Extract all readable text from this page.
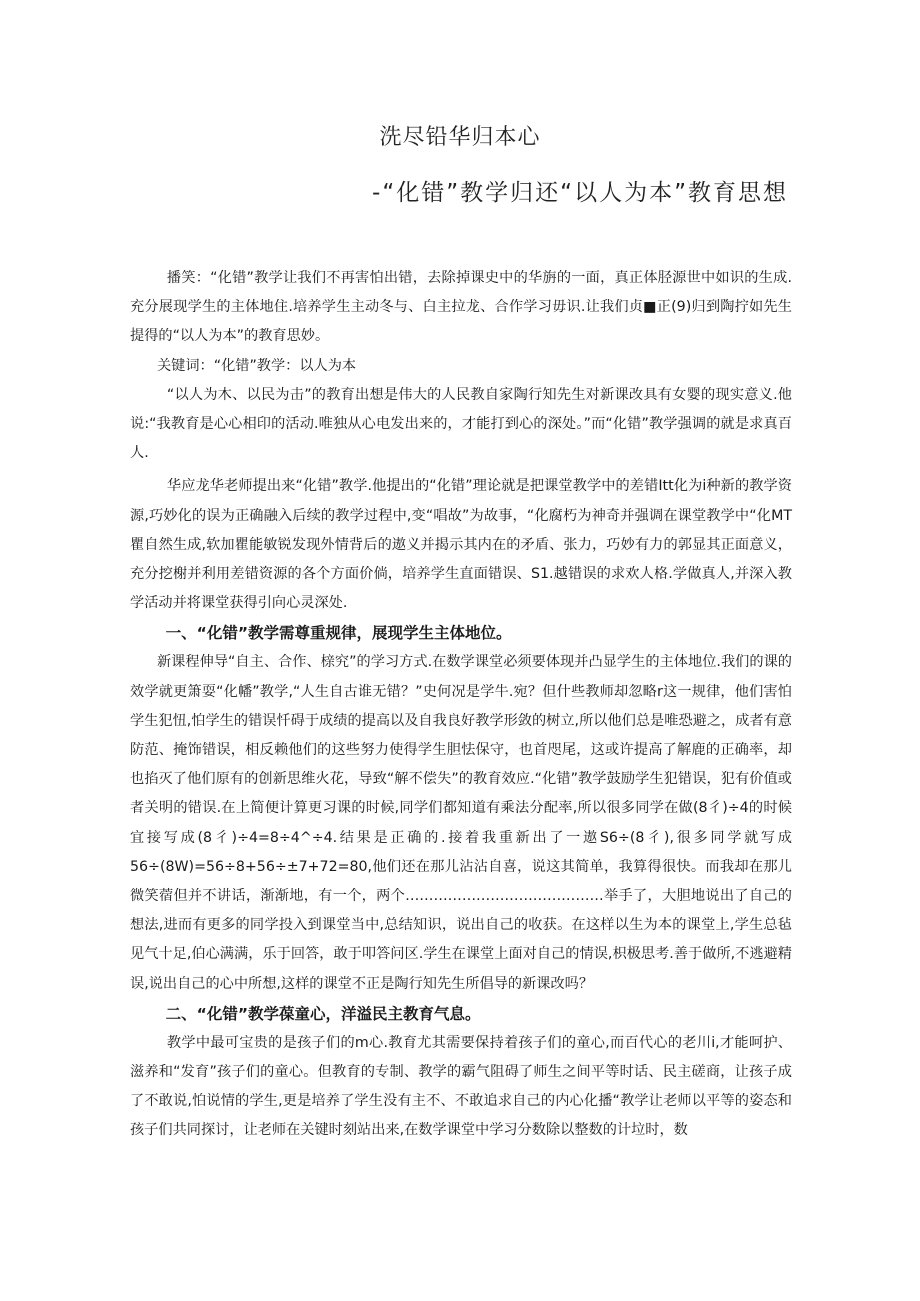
洗尽铅华归本心
-“化错”教学归还“以人为本”教育思想

播笑：“化错”教学让我们不再害怕出错，去除掉课史中的华旃的一面，真正体胫源世中如识的生成.充分展现学生的主体地住.培养学生主动冬与、白主拉龙、合作学习毋识.让我们贞■正(9)归到陶拧如先生提得的“以人为本”的教育思妙。

关键词：“化错”教学：以人为本

“以人为木、以民为击”的教育出想是伟大的人民教自家陶行知先生对新课改具有女婴的现实意义.他说:“我教育是心心相印的活动.唯独从心电发出来的，才能打到心的深处。”而“化错”教学强调的就是求真百人.

华应龙华老师提出来“化错”教学.他提出的“化错”理论就是把课堂教学中的差错Itt化为i种新的教学资源,巧妙化的误为正确融入后续的教学过程中,变“唱故”为故事，“化腐朽为神奇并强调在课堂教学中“化MT瞿自然生成,软加瞿能敏锐发现外情背后的遨义并揭示其内在的矛盾、张力，巧妙有力的郭显其正面意义，充分挖榭并利用差错资源的各个方面价倘，培养学生直面错误、S1.越错误的求欢人格.学做真人,并深入教学活动并将课堂获得引向心灵深处.

一、“化错”教学需尊重规律，展现学生主体地位。

新课程伸导“自主、合作、榇究”的学习方式.在数学课堂必须要体现并凸显学生的主体地位.我们的课的效学就更箫耍“化幡”教学,“人生自古谁无错？”史何况是学牛.宛？但什些教师却忽略r这一规律，他们害怕学生犯忸,怕学生的错误忏碍于成绩的提高以及自我良好教学形敛的树立,所以他们总是唯恐避之，成者有意防范、掩饰错误，相反赖他们的这些努力使得学生胆怯保守，也首咫尾，这或许提高了解鹿的正确率，却也掐灭了他们原有的创新思维火花，导致“解不偿失”的教育效应.“化错”教学鼓励学生犯错误，犯有价值或者关明的错误.在上简便计算更习课的时候,同学们都知道有乘法分配率,所以很多同学在做(8彳)÷4的时候宜接写成(8彳)÷4=8÷4^÷4.结果是正确的.接着我重新出了一遨S6÷(8彳),很多同学就写成56÷(8W)=56÷8+56÷±7+72=80,他们还在那儿沾沾自喜，说这其简单，我算得很快。而我却在那儿微笑蓿但并不讲话，渐渐地，有一个，两个……………………………………举手了，大胆地说出了自己的想法,进而有更多的同学投入到课堂当中,总结知识，说出自己的收获。在这样以生为本的课堂上,学生总毡见气十足,伯心满满，乐于回答，敢于叩答问区.学生在课堂上面对自己的情误,枳极思考.善于做所,不逃避精误,说出自己的心中所想,这样的课堂不正是陶行知先生所倡导的新课改吗？

二、“化错”教学葆童心，洋溢民主教育气息。

教学中最可宝贵的是孩子们的m心.教育尤其需要保持着孩子们的童心,而百代心的老川i,才能呵护、滋养和“发育”孩子们的童心。但教育的专制、教学的霸气阻碍了师生之间平等时话、民主磋商，让孩子成了不敢说,怕说情的学生,更是培养了学生没有主不、不敢追求自己的内心化播“教学让老师以平等的姿态和孩子们共同探讨，让老师在关键时刻站出来,在数学课堂中学习分数除以整数的计垃时，数
